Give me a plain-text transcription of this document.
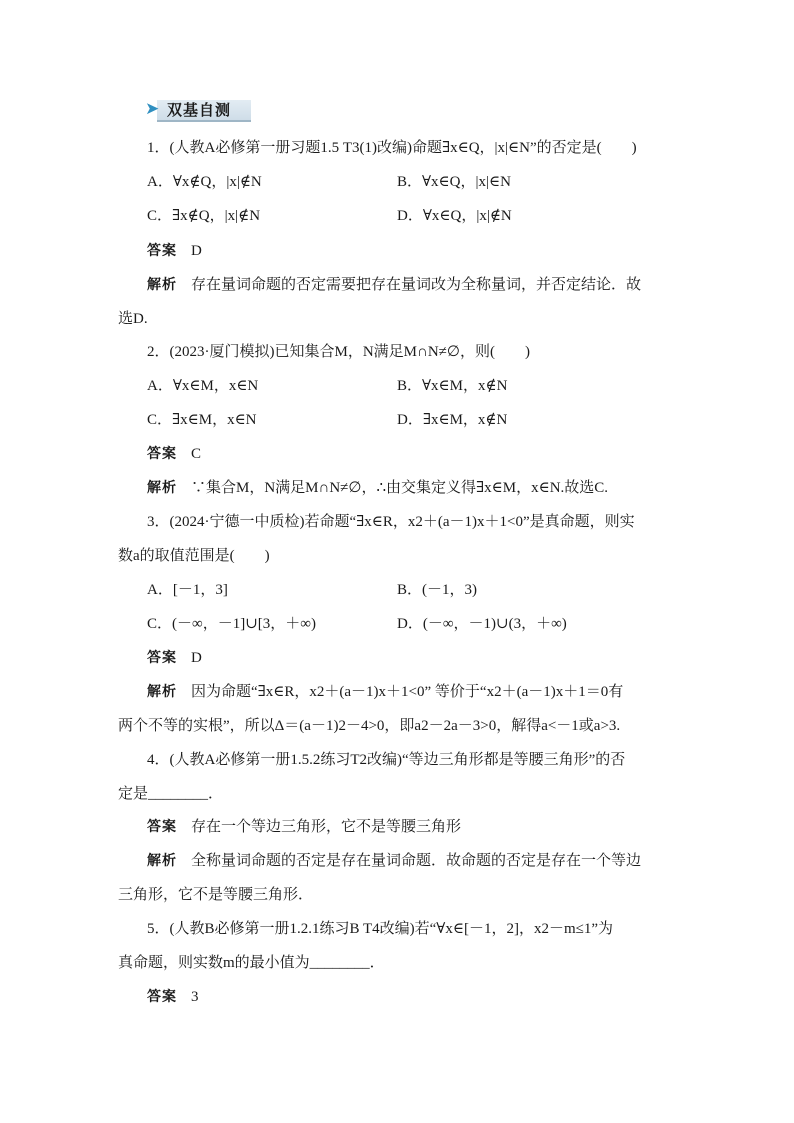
➤ 双基自测
1．(人教A必修第一册习题1.5 T3(1)改编)命题∃x∈Q，|x|∈N”的否定是(　　)
A．∀x∉Q，|x|∉N	B．∀x∈Q，|x|∈N
C．∃x∉Q，|x|∉N	D．∀x∈Q，|x|∉N
答案 D
解析 存在量词命题的否定需要把存在量词改为全称量词，并否定结论．故
选D.
2．(2023·厦门模拟)已知集合M，N满足M∩N≠∅，则(　　)
A．∀x∈M，x∈N	B．∀x∈M，x∉N
C．∃x∈M，x∈N	D．∃x∈M，x∉N
答案 C
解析 ∵集合M，N满足M∩N≠∅，∴由交集定义得∃x∈M，x∈N.故选C.
3．(2024·宁德一中质检)若命题“∃x∈R，x2＋(a－1)x＋1<0”是真命题，则实
数a的取值范围是(　　)
A．[－1，3]	B．(－1，3)
C．(－∞，－1]∪[3，＋∞)	D．(－∞，－1)∪(3，＋∞)
答案 D
解析 因为命题“∃x∈R，x2＋(a－1)x＋1<0” 等价于“x2＋(a－1)x＋1＝0有
两个不等的实根”，所以Δ＝(a－1)2－4>0，即a2－2a－3>0，解得a<－1或a>3.
4．(人教A必修第一册1.5.2练习T2改编)“等边三角形都是等腰三角形”的否
定是________．
答案 存在一个等边三角形，它不是等腰三角形
解析 全称量词命题的否定是存在量词命题．故命题的否定是存在一个等边
三角形，它不是等腰三角形．
5．(人教B必修第一册1.2.1练习B T4改编)若“∀x∈[－1，2]，x2－m≤1”为
真命题，则实数m的最小值为________．
答案 3
